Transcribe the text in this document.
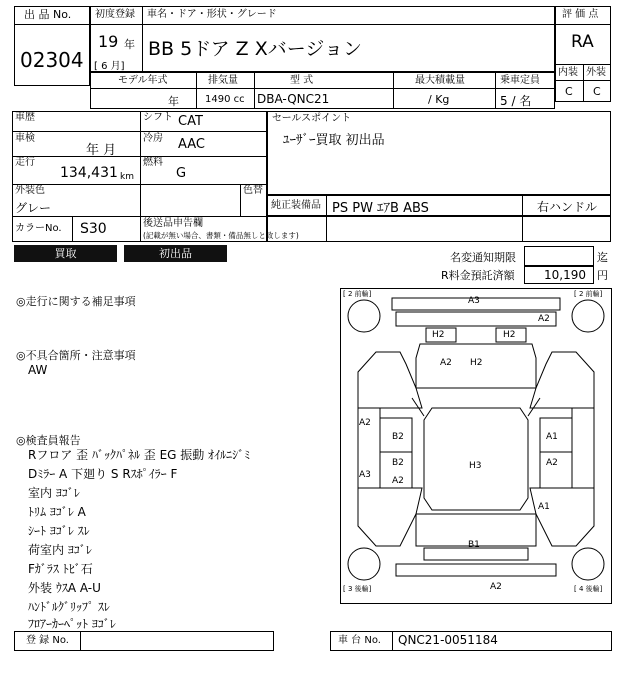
出 品 No.
02304
初度登録 車名・ドア・形状・グレード
19 年
[ 6 月]
BB 5ドア Z Xバージョン
評 価 点
RA
内装 外装
C C
モデル年式	排気量	型 式	最大積載量	乗車定員
年	1490 cc DBA-QNC21	/ Kg	5 / 名
車歴	シフト CAT
車検
年 月
冷房 AAC
走行
134,431 km
燃料
G
外装色
グレー
色替
カラーNo. S30	後送品申告欄
(記載が無い場合、書類・備品無しと致します)
セールスポイント
ﾕｰｻﾞｰ買取 初出品
純正装備品 PS PW ｴｱB ABS	右ハンドル
買取	初出品	名変通知期限	迄
R料金預託済額 10,190 円
◎走行に関する補足事項
◎不具合箇所・注意事項
AW
◎検査員報告
Rフロア 歪 ﾊﾞｯｸﾊﾟﾈﾙ 歪 EG 振動 ｵｲﾙﾆｼﾞﾐ
Dﾐﾗｰ A 下廻り S Rｽﾎﾟｲﾗｰ F
室内 ﾖｺﾞﾚ
ﾄﾘﾑ ﾖｺﾞﾚ A
ｼｰﾄ ﾖｺﾞﾚ ｽﾚ
荷室内 ﾖｺﾞﾚ
Fｶﾞﾗｽ ﾄﾋﾞ石
外装 ｳｽA A-U
ﾊﾝﾄﾞﾙｸﾞﾘｯﾌﾟ ｽﾚ
ﾌﾛｱｰｶｰﾍﾟｯﾄ ﾖｺﾞﾚ
[ 2 前輪]	[ 2 前輪]
[ 3 後輪]	[ 4 後輪]
A3
A2
H2	H2
A2 H2
A2
B2
B2
A2
A3
H3
A1
A2
A1
B1
A2
登 録 No.	車 台 No. QNC21-0051184
